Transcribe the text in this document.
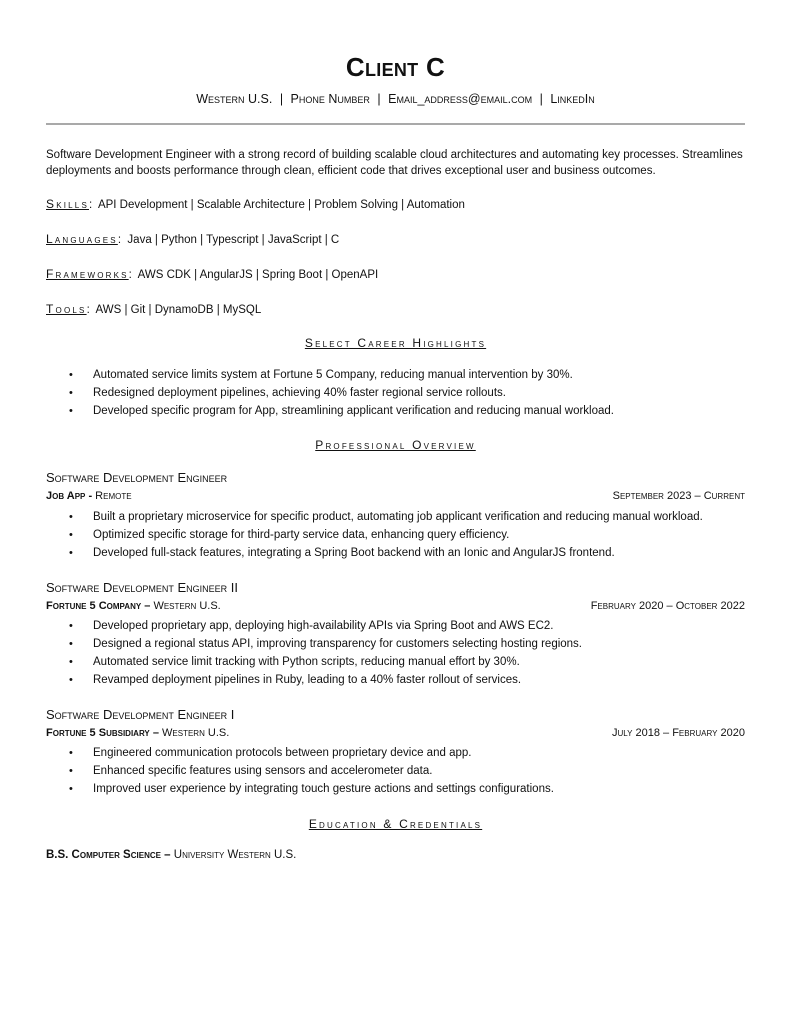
Client C
Western U.S. | Phone Number | Email_address@email.com | LinkedIn
Software Development Engineer with a strong record of building scalable cloud architectures and automating key processes. Streamlines deployments and boosts performance through clean, efficient code that drives exceptional user and business outcomes.
Skills:  API Development | Scalable Architecture | Problem Solving | Automation
Languages:  Java | Python | Typescript | JavaScript | C
Frameworks:  AWS CDK | AngularJS | Spring Boot | OpenAPI
Tools:  AWS | Git | DynamoDB | MySQL
Select Career Highlights
• Automated service limits system at Fortune 5 Company, reducing manual intervention by 30%.
• Redesigned deployment pipelines, achieving 40% faster regional service rollouts.
• Developed specific program for App, streamlining applicant verification and reducing manual workload.
Professional Overview
Software Development Engineer
Job App - Remote	September 2023 – Current
• Built a proprietary microservice for specific product, automating job applicant verification and reducing manual workload.
• Optimized specific storage for third-party service data, enhancing query efficiency.
• Developed full-stack features, integrating a Spring Boot backend with an Ionic and AngularJS frontend.
Software Development Engineer II
Fortune 5 Company – Western U.S.	February 2020 – October 2022
• Developed proprietary app, deploying high-availability APIs via Spring Boot and AWS EC2.
• Designed a regional status API, improving transparency for customers selecting hosting regions.
• Automated service limit tracking with Python scripts, reducing manual effort by 30%.
• Revamped deployment pipelines in Ruby, leading to a 40% faster rollout of services.
Software Development Engineer I
Fortune 5 Subsidiary – Western U.S.	July 2018 – February 2020
• Engineered communication protocols between proprietary device and app.
• Enhanced specific features using sensors and accelerometer data.
• Improved user experience by integrating touch gesture actions and settings configurations.
Education & Credentials
B.S. Computer Science – University Western U.S.
